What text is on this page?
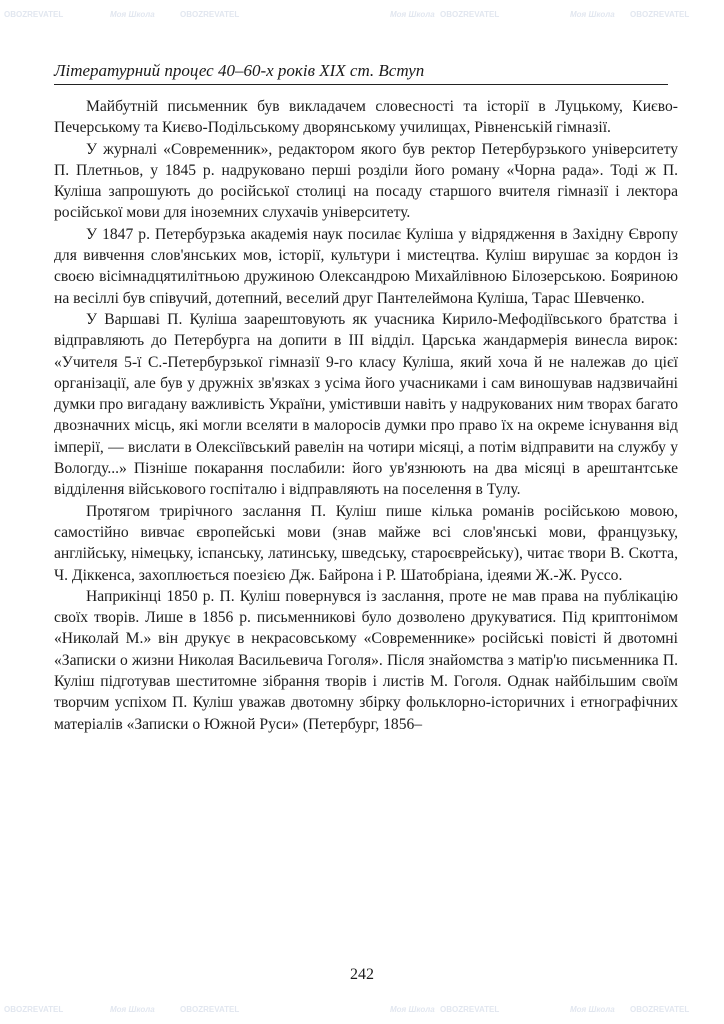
OBOZREVATEL	Моя Школа	OBOZREVATEL	Моя Школа OBOZREVATEL	Моя Школа OBOZREVATEL
Літературний процес 40–60-х років XIX ст. Вступ

Майбутній письменник був викладачем словесності та історії в Луцькому, Києво-Печерському та Києво-Подільському дворянському училищах, Рівненській гімназії.

У журналі «Современник», редактором якого був ректор Петербурзького університету П. Плетньов, у 1845 р. надруковано перші розділи його роману «Чорна рада». Тоді ж П. Куліша запрошують до російської столиці на посаду старшого вчителя гімназії і лектора російської мови для іноземних слухачів університету.

У 1847 р. Петербурзька академія наук посилає Куліша у відрядження в Західну Європу для вивчення слов'янських мов, історії, культури і мистецтва. Куліш вирушає за кордон із своєю вісімнадцятилітньою дружиною Олександрою Михайлівною Білозерською. Бояриною на весіллі був співучий, дотепний, веселий друг Пантелеймона Куліша, Тарас Шевченко.

У Варшаві П. Куліша заарештовують як учасника Кирило-Мефодіївського братства і відправляють до Петербурга на допити в III відділ. Царська жандармерія винесла вирок: «Учителя 5-ї С.-Петербурзької гімназії 9-го класу Куліша, який хоча й не належав до цієї організації, але був у дружніх зв'язках з усіма його учасниками і сам виношував надзвичайні думки про вигадану важливість України, умістивши навіть у надрукованих ним творах багато двозначних місць, які могли вселяти в малоросів думки про право їх на окреме існування від імперії, — вислати в Олексіївський равелін на чотири місяці, а потім відправити на службу у Вологду...» Пізніше покарання послабили: його ув'язнюють на два місяці в арештантське відділення військового госпіталю і відправляють на поселення в Тулу.

Протягом трирічного заслання П. Куліш пише кілька романів російською мовою, самостійно вивчає європейські мови (знав майже всі слов'янські мови, французьку, англійську, німецьку, іспанську, латинську, шведську, староєврейську), читає твори В. Скотта, Ч. Діккенса, захоплюється поезією Дж. Байрона і Р. Шатобріана, ідеями Ж.-Ж. Руссо.

Наприкінці 1850 р. П. Куліш повернувся із заслання, проте не мав права на публікацію своїх творів. Лише в 1856 р. письменникові було дозволено друкуватися. Під криптонімом «Николай М.» він друкує в некрасовському «Современнике» російські повісті й двотомні «Записки о жизни Николая Васильевича Гоголя». Після знайомства з матір'ю письменника П. Куліш підготував шеститомне зібрання творів і листів М. Гоголя. Однак найбільшим своїм творчим успіхом П. Куліш уважав двотомну збірку фольклорно-історичних і етнографічних матеріалів «Записки о Южной Руси» (Петербург, 1856–

242
OBOZREVATEL	Моя Школа	OBOZREVATEL	Моя Школа OBOZREVATEL	Моя Школа OBOZREVATEL
